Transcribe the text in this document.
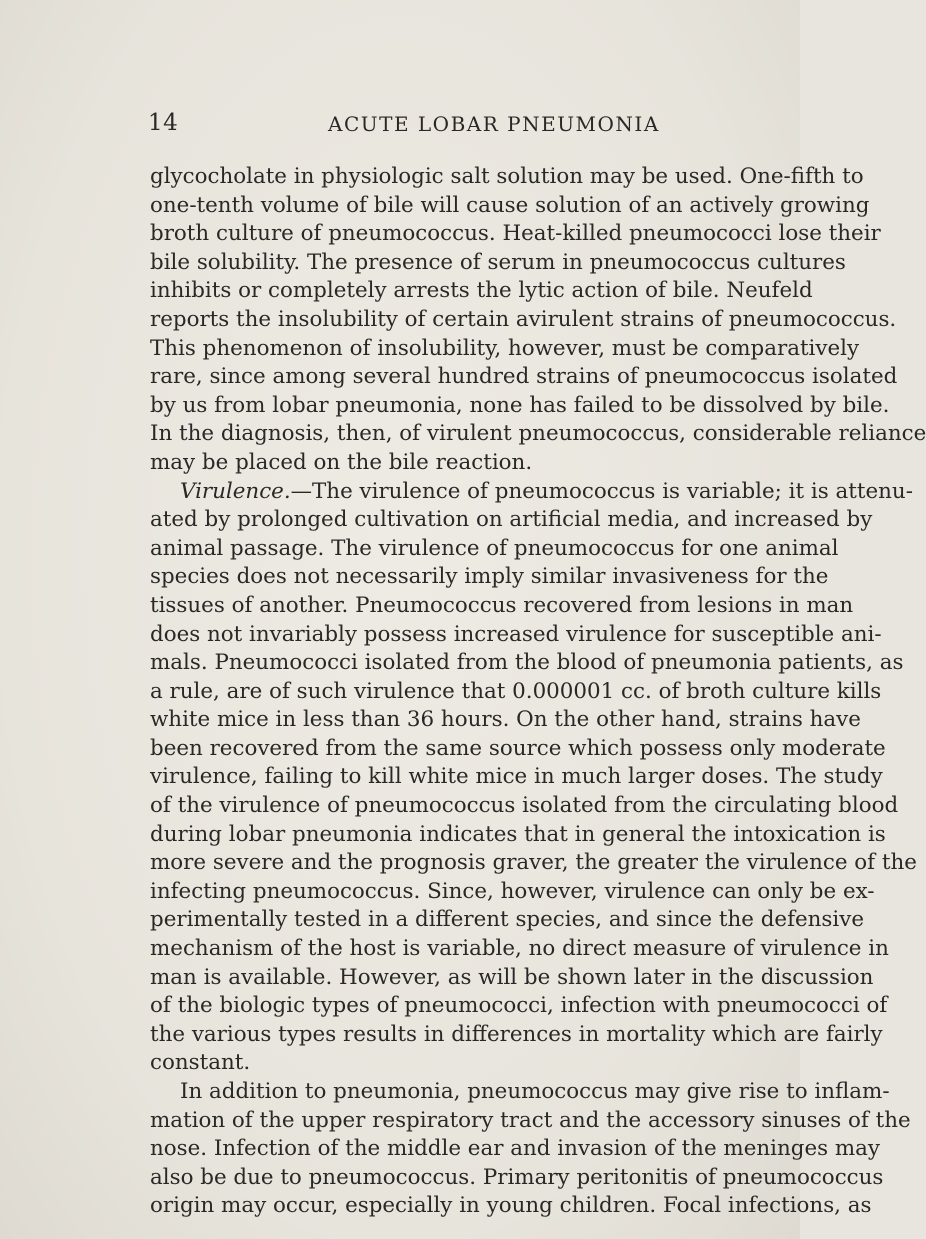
14	ACUTE LOBAR PNEUMONIA
glycocholate in physiologic salt solution may be used. One-fifth to
one-tenth volume of bile will cause solution of an actively growing
broth culture of pneumococcus. Heat-killed pneumococci lose their
bile solubility. The presence of serum in pneumococcus cultures
inhibits or completely arrests the lytic action of bile. Neufeld
reports the insolubility of certain avirulent strains of pneumococcus.
This phenomenon of insolubility, however, must be comparatively
rare, since among several hundred strains of pneumococcus isolated
by us from lobar pneumonia, none has failed to be dissolved by bile.
In the diagnosis, then, of virulent pneumococcus, considerable reliance
may be placed on the bile reaction.
Virulence.—The virulence of pneumococcus is variable; it is attenu-
ated by prolonged cultivation on artificial media, and increased by
animal passage. The virulence of pneumococcus for one animal
species does not necessarily imply similar invasiveness for the
tissues of another. Pneumococcus recovered from lesions in man
does not invariably possess increased virulence for susceptible ani-
mals. Pneumococci isolated from the blood of pneumonia patients, as
a rule, are of such virulence that 0.000001 cc. of broth culture kills
white mice in less than 36 hours. On the other hand, strains have
been recovered from the same source which possess only moderate
virulence, failing to kill white mice in much larger doses. The study
of the virulence of pneumococcus isolated from the circulating blood
during lobar pneumonia indicates that in general the intoxication is
more severe and the prognosis graver, the greater the virulence of the
infecting pneumococcus. Since, however, virulence can only be ex-
perimentally tested in a different species, and since the defensive
mechanism of the host is variable, no direct measure of virulence in
man is available. However, as will be shown later in the discussion
of the biologic types of pneumococci, infection with pneumococci of
the various types results in differences in mortality which are fairly
constant.
In addition to pneumonia, pneumococcus may give rise to inflam-
mation of the upper respiratory tract and the accessory sinuses of the
nose. Infection of the middle ear and invasion of the meninges may
also be due to pneumococcus. Primary peritonitis of pneumococcus
origin may occur, especially in young children. Focal infections, as
